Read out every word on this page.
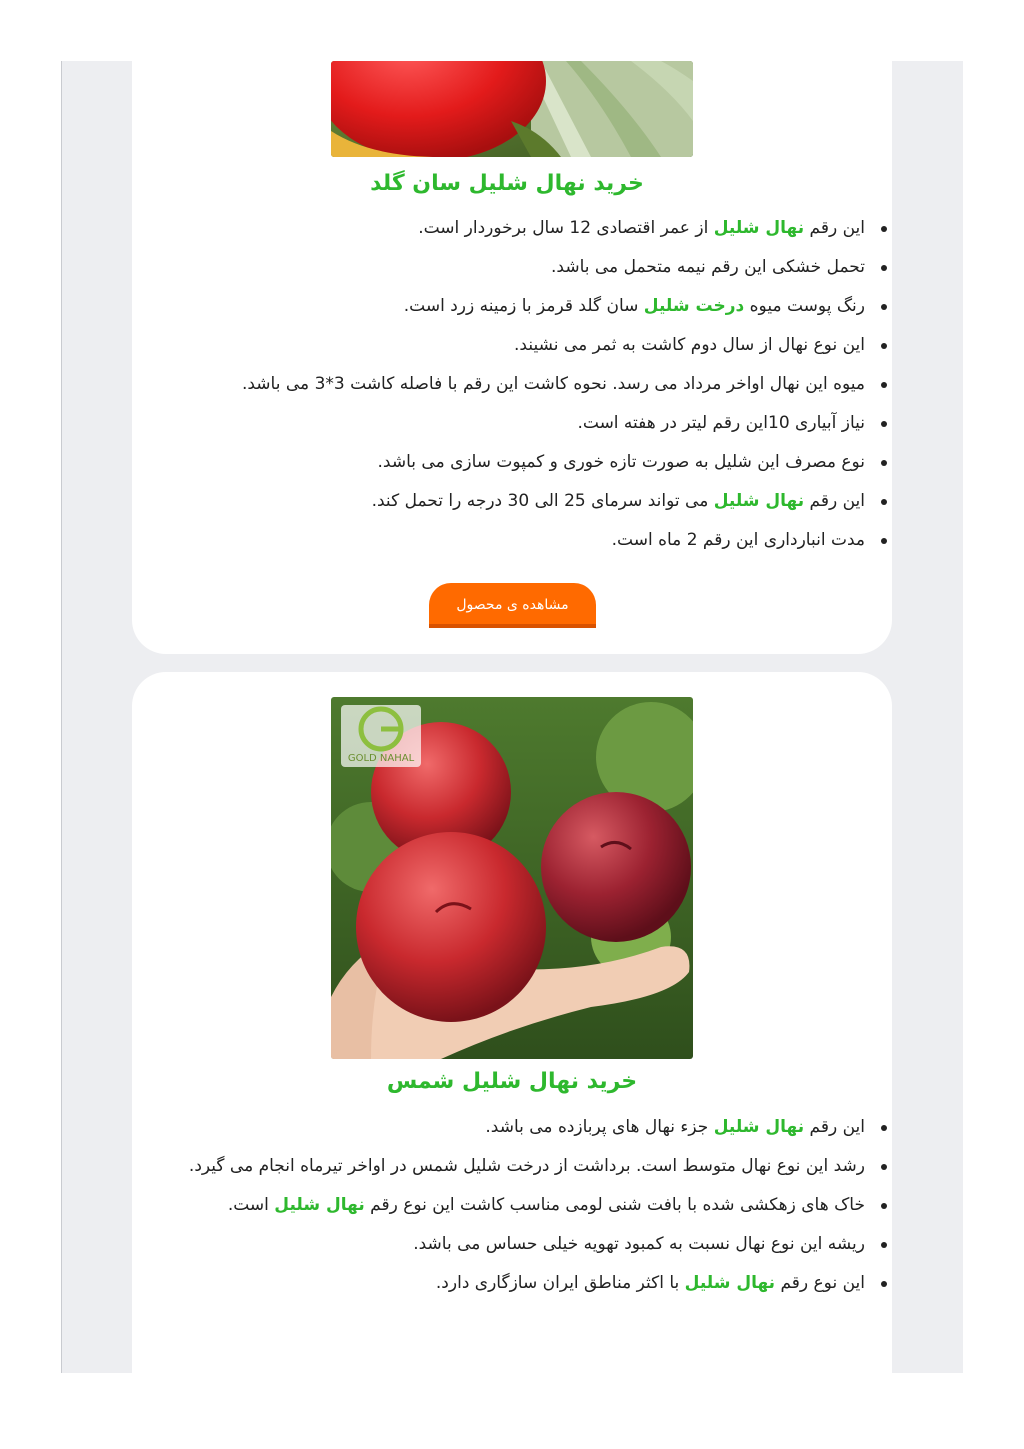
خرید نهال شلیل سان گلد
این رقم نهال شلیل از عمر اقتصادی 12 سال برخوردار است.
تحمل خشکی این رقم نیمه متحمل می باشد.
رنگ پوست میوه درخت شلیل سان گلد قرمز با زمینه زرد است.
این نوع نهال از سال دوم کاشت به ثمر می نشیند.
میوه این نهال اواخر مرداد می رسد. نحوه کاشت این رقم با فاصله کاشت 3*3 می باشد.
نیاز آبیاری 10این رقم لیتر در هفته است.
نوع مصرف این شلیل به صورت تازه خوری و کمپوت سازی می باشد.
این رقم نهال شلیل می تواند سرمای 25 الی 30 درجه را تحمل کند.
مدت انبارداری این رقم 2 ماه است.
مشاهده ی محصول
GOLD NAHAL
خرید نهال شلیل شمس
این رقم نهال شلیل جزء نهال های پربازده می باشد.
رشد این نوع نهال متوسط است. برداشت از درخت شلیل شمس در اواخر تیرماه انجام می گیرد.
خاک های زهکشی شده با بافت شنی لومی مناسب کاشت این نوع رقم نهال شلیل است.
ریشه این نوع نهال نسبت به کمبود تهویه خیلی حساس می باشد.
این نوع رقم نهال شلیل با اکثر مناطق ایران سازگاری دارد.
